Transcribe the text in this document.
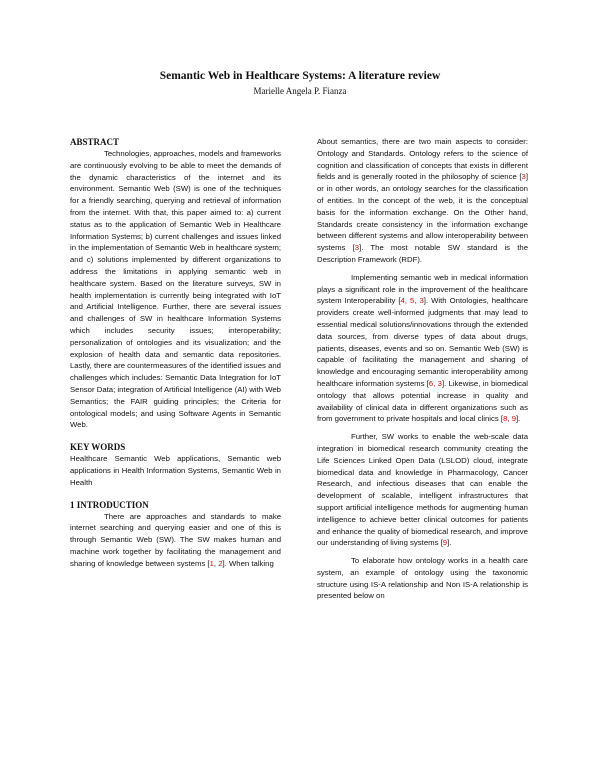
Semantic Web in Healthcare Systems: A literature review
Marielle Angela P. Fianza
ABSTRACT

Technologies, approaches, models and frameworks are continuously evolving to be able to meet the demands of the dynamic characteristics of the internet and its environment. Semantic Web (SW) is one of the techniques for a friendly searching, querying and retrieval of information from the internet. With that, this paper aimed to: a) current status as to the application of Semantic Web in Healthcare Information Systems; b) current challenges and issues linked in the implementation of Semantic Web in healthcare system; and c) solutions implemented by different organizations to address the limitations in applying semantic web in healthcare system. Based on the literature surveys, SW in health implementation is currently being integrated with IoT and Artificial Intelligence. Further, there are several issues and challenges of SW in healthcare Information Systems which includes security issues; interoperability; personalization of ontologies and its visualization; and the explosion of health data and semantic data repositories. Lastly, there are countermeasures of the identified issues and challenges which includes: Semantic Data Integration for IoT Sensor Data; integration of Artificial Intelligence (AI) with Web Semantics; the FAIR guiding principles; the Criteria for ontological models; and using Software Agents in Semantic Web.

KEY WORDS

Healthcare Semantic Web applications, Semantic web applications in Health Information Systems, Semantic Web in Health

1 INTRODUCTION

There are approaches and standards to make internet searching and querying easier and one of this is through Semantic Web (SW). The SW makes human and machine work together by facilitating the management and sharing of knowledge between systems [1, 2]. When talking

About semantics, there are two main aspects to consider: Ontology and Standards. Ontology refers to the science of cognition and classification of concepts that exists in different fields and is generally rooted in the philosophy of science [3] or in other words, an ontology searches for the classification of entities. In the concept of the web, it is the conceptual basis for the information exchange. On the Other hand, Standards create consistency in the information exchange between different systems and allow interoperability between systems [3]. The most notable SW standard is the Description Framework (RDF).

Implementing semantic web in medical information plays a significant role in the improvement of the healthcare system Interoperability [4, 5, 3]. With Ontologies, healthcare providers create well-informed judgments that may lead to essential medical solutions/innovations through the extended data sources, from diverse types of data about drugs, patients, diseases, events and so on. Semantic Web (SW) is capable of facilitating the management and sharing of knowledge and encouraging semantic interoperability among healthcare information systems [6, 3]. Likewise, in biomedical ontology that allows potential increase in quality and availability of clinical data in different organizations such as from government to private hospitals and local clinics [8, 9].

Further, SW works to enable the web-scale data integration in biomedical research community creating the Life Sciences Linked Open Data (LSLOD) cloud, integrate biomedical data and knowledge in Pharmacology, Cancer Research, and infectious diseases that can enable the development of scalable, intelligent infrastructures that support artificial intelligence methods for augmenting human intelligence to achieve better clinical outcomes for patients and enhance the quality of biomedical research, and improve our understanding of living systems [9].

To elaborate how ontology works in a health care system, an example of ontology using the taxonomic structure using IS-A relationship and Non IS-A relationship is presented below on
